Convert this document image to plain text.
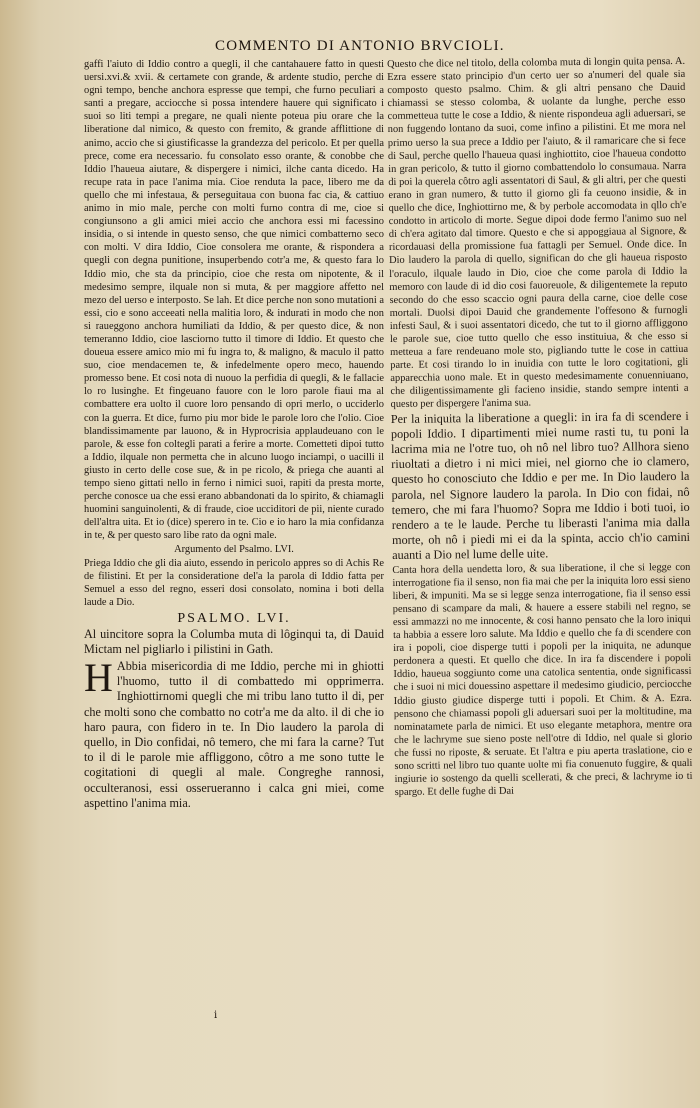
COMMENTO DI ANTONIO BRVCIOLI.

gaffi l'aiuto di Iddio contro a quegli, il che cantahauere fatto in questi uersi.xvi.& xvii. & certamete con grande, & ardente studio, perche di ogni tempo, benche anchora espresse que tempi, che furno peculiari a santi a pregare, acciocche si possa intendere hauere qui significato i suoi so liti tempi a pregare, ne quali niente poteua piu orare che la liberatione dal nimico, & questo con fremito, & grande afflittione di animo, accio che si giustificasse la grandezza del pericolo. Et per quella prece, come era necessario. fu consolato esso orante, & conobbe che Iddio l'haueua aiutare, & dispergere i nimici, ilche canta dicedo. Ha recupe rata in pace l'anima mia. Cioe renduta la pace, libero me da quello che mi infestaua, & perseguitaua con buona fac cia, & cattiuo animo in mio male, perche con molti furno contra di me, cioe si congiunsono a gli amici miei accio che anchora essi mi facessino insidia, o si intende in questo senso, che que nimici combatterno seco con molti. V dira Iddio, Cioe consolera me orante, & rispondera a quegli con degna punitione, insuperbendo cotr'a me, & questo fara lo Iddio mio, che sta da principio, cioe che resta om nipotente, & il medesimo sempre, ilquale non si muta, & per maggiore affetto nel mezo del uerso e interposto. Se lah. Et dice perche non sono mutationi a essi, cio e sono acceeati nella malitia loro, & indurati in modo che non si raueggono anchora humiliati da Iddio, & per questo dice, & non temeranno Iddio, cioe lasciorno tutto il timore di Iddio. Et questo che doueua essere amico mio mi fu ingra to, & maligno, & maculo il patto suo, cioe mendacemen te, & infedelmente opero meco, hauendo promesso bene. Et cosi nota di nuouo la perfidia di quegli, & le fallacie lo ro lusinghe. Et fingeuano fauore con le loro parole fiaui ma al combattere era uolto il cuore loro pensando di opri merlo, o ucciderlo con la guerra. Et dice, furno piu mor bide le parole loro che l'olio. Cioe blandissimamente par lauono, & in Hyprocrisia applaudeuano con le parole, & esse fon coltegli parati a ferire a morte. Cometteti dipoi tutto a Iddio, ilquale non permetta che in alcuno luogo inciampi, o uacilli il giusto in certo delle cose sue, & in pe ricolo, & priega che auanti al tempo sieno gittati nello in ferno i nimici suoi, rapiti da presta morte, perche conosce ua che essi erano abbandonati da lo spirito, & chiamagli huomini sanguinolenti, & di fraude, cioe ucciditori de pii, niente curado dell'altra uita. Et io (dice) sperero in te. Cio e io haro la mia confidanza in te, & per questo saro libe rato da ogni male.

Argumento del Psalmo. LVI.

Priega Iddio che gli dia aiuto, essendo in pericolo appres so di Achis Re de filistini. Et per la consideratione del'a la parola di Iddio fatta per Semuel a esso del regno, esseri dosi consolato, nomina i boti della laude a Dio.

PSALMO. LVI.

Al uincitore sopra la Columba muta di lôginqui ta, di Dauid Mictam nel pigliarlo i pilistini in Gath.

H Abbia misericordia di me Iddio, perche mi in ghiotti l'huomo, tutto il di combattedo mi opprimerra. Inghiottirnomi quegli che mi tribu lano tutto il di, per che molti sono che combatto no cotr'a me da alto. il di che io haro paura, con fidero in te. In Dio laudero la parola di quello, in Dio confidai, nô temero, che mi fara la carne? Tut to il di le parole mie affliggono, côtro a me sono tutte le cogitationi di quegli al male. Congreghe rannosi, occulteranosi, essi osserueranno i calca gni miei, come aspettino l'anima mia.

Questo che dice nel titolo, della colomba muta di longin quita pensa. A. Ezra essere stato principio d'un certo uer so a'numeri del quale sia composto questo psalmo. Chim. & gli altri pensano che Dauid chiamassi se stesso colomba, & uolante da lunghe, perche esso commetteua tutte le cose a Iddio, & niente rispondeua agli aduersari, se non fuggendo lontano da suoi, come infino a pilistini. Et me mora nel primo uerso la sua prece a Iddio per l'aiuto, & il ramaricare che si fece di Saul, perche quello l'haueua quasi inghiottito, cioe l'haueua condotto in gran pericolo, & tutto il giorno combattendolo lo consumaua. Narra di poi la querela côtro agli assentatori di Saul, & gli altri, per che questi erano in gran numero, & tutto il giorno gli fa ceuono insidie, & in quello che dice, Inghiottirno me, & by perbole accomodata in qllo ch'e condotto in articolo di morte. Segue dipoi dode fermo l'animo suo nel di ch'era agitato dal timore. Questo e che si appoggiaua al Signore, & ricordauasi della promissione fua fattagli per Semuel. Onde dice. In Dio laudero la parola di quello, significan do che gli haueua risposto l'oraculo, ilquale laudo in Dio, cioe che come parola di Iddio la memoro con laude di id dio cosi fauoreuole, & diligentemete la reputo secondo do che esso scaccio ogni paura della carne, cioe delle cose mortali. Duolsi dipoi Dauid che grandemente l'offesono & furnogli infesti Saul, & i suoi assentatori dicedo, che tut to il giorno affliggono le parole sue, cioe tutto quello che esso instituiua, & che esso si metteua a fare rendeuano mole sto, pigliando tutte le cose in cattiua parte. Et cosi tirando lo in inuidia con tutte le loro cogitationi, gli apparecchia uono male. Et in questo medesimamente conuenniuano, che diligentissimamente gli facieno insidie, stando sempre intenti a questo per dispergere l'anima sua.

Per la iniquita la liberatione a quegli: in ira fa di scendere i popoli Iddio. I dipartimenti miei nume rasti tu, tu poni la lacrima mia ne l'otre tuo, oh nô nel libro tuo? Allhora sieno riuoltati a dietro i ni mici miei, nel giorno che io clamero, questo ho conosciuto che Iddio e per me. In Dio laudero la parola, nel Signore laudero la parola. In Dio con fidai, nô temero, che mi fara l'huomo? Sopra me Iddio i boti tuoi, io rendero a te le laude. Perche tu liberasti l'anima mia dalla morte, oh nô i piedi mi ei da la spinta, accio ch'io camini auanti a Dio nel lume delle uite.

Canta hora della uendetta loro, & sua liberatione, il che si legge con interrogatione fia il senso, non fia mai che per la iniquita loro essi sieno liberi, & impuniti. Ma se si legge senza interrogatione, fia il senso essi pensano di scampare da mali, & hauere a essere stabili nel regno, se essi ammazzi no me innocente, & cosi hanno pensato che la loro iniqui ta habbia a essere loro salute. Ma Iddio e quello che fa di scendere con ira i popoli, cioe disperge tutti i popoli per la iniquita, ne adunque perdonera a questi. Et quello che dice. In ira fa discendere i popoli Iddio, haueua soggiunto come una catolica sententia, onde significassi che i suoi ni mici douessino aspettare il medesimo giudicio, perciocche Iddio giusto giudice disperge tutti i popoli. Et Chim. & A. Ezra. pensono che chiamassi popoli gli aduersari suoi per la moltitudine, ma nominatamete parla de nimici. Et uso elegante metaphora, mentre ora che le lachryme sue sieno poste nell'otre di Iddio, nel quale si glorio che fussi no riposte, & seruate. Et l'altra e piu aperta traslatione, cio e sono scritti nel libro tuo quante uolte mi fia conuenuto fuggire, & quali ingiurie io sostengo da quelli scellerati, & che preci, & lachryme io ti spargo. Et delle fughe di Dai

i
